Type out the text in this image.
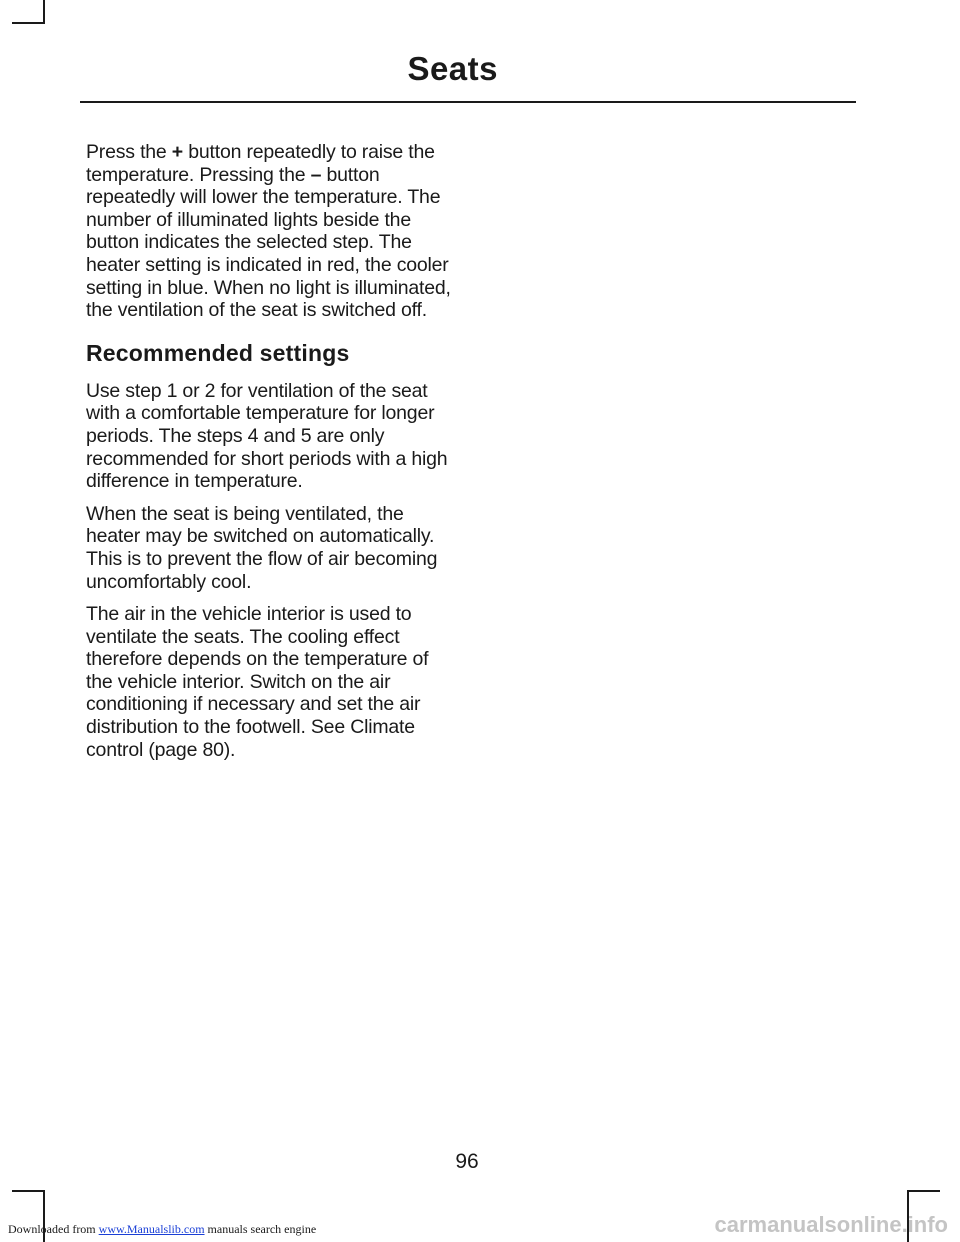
Seats

Press the + button repeatedly to raise the temperature. Pressing the – button repeatedly will lower the temperature. The number of illuminated lights beside the button indicates the selected step. The heater setting is indicated in red, the cooler setting in blue. When no light is illuminated, the ventilation of the seat is switched off.

Recommended settings

Use step 1 or 2 for ventilation of the seat with a comfortable temperature for longer periods. The steps 4 and 5 are only recommended for short periods with a high difference in temperature.

When the seat is being ventilated, the heater may be switched on automatically. This is to prevent the flow of air becoming uncomfortably cool.

The air in the vehicle interior is used to ventilate the seats. The cooling effect therefore depends on the temperature of the vehicle interior. Switch on the air conditioning if necessary and set the air distribution to the footwell. See Climate control (page 80).

96
Downloaded from www.Manualslib.com manuals search engine	carmanualsonline.info
